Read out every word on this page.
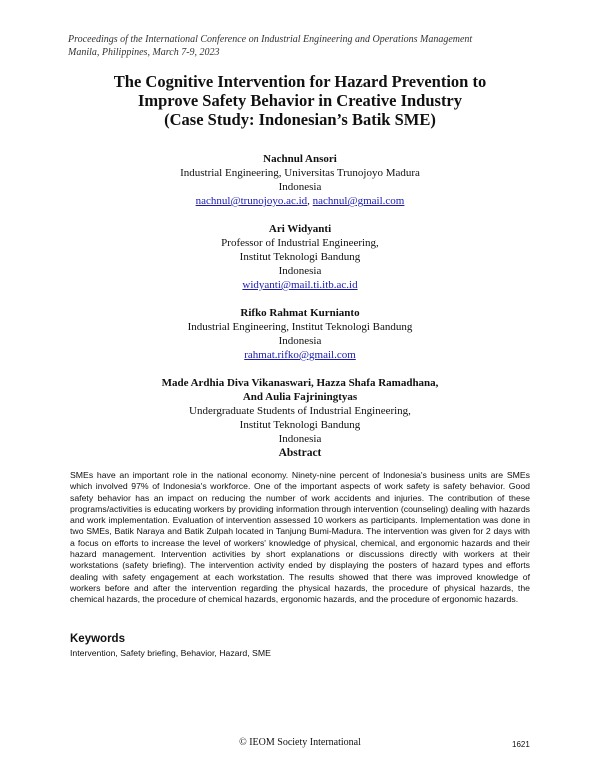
Proceedings of the International Conference on Industrial Engineering and Operations Management
Manila, Philippines, March 7-9, 2023
The Cognitive Intervention for Hazard Prevention to
Improve Safety Behavior in Creative Industry
(Case Study: Indonesian’s Batik SME)
Nachnul Ansori
Industrial Engineering, Universitas Trunojoyo Madura
Indonesia
nachnul@trunojoyo.ac.id, nachnul@gmail.com
Ari Widyanti
Professor of Industrial Engineering,
Institut Teknologi Bandung
Indonesia
widyanti@mail.ti.itb.ac.id
Rifko Rahmat Kurnianto
Industrial Engineering, Institut Teknologi Bandung
Indonesia
rahmat.rifko@gmail.com
Made Ardhia Diva Vikanaswari, Hazza Shafa Ramadhana,
And Aulia Fajriningtyas
Undergraduate Students of Industrial Engineering,
Institut Teknologi Bandung
Indonesia
Abstract

SMEs have an important role in the national economy. Ninety-nine percent of Indonesia's business units are SMEs which involved 97% of Indonesia's workforce. One of the important aspects of work safety is safety behavior. Good safety behavior has an impact on reducing the number of work accidents and injuries. The contribution of these programs/activities is educating workers by providing information through intervention (counseling) dealing with hazards and work implementation. Evaluation of intervention assessed 10 workers as participants. Implementation was done in two SMEs, Batik Naraya and Batik Zulpah located in Tanjung Bumi-Madura. The intervention was given for 2 days with a focus on efforts to increase the level of workers' knowledge of physical, chemical, and ergonomic hazards and their hazard management. Intervention activities by short explanations or discussions directly with workers at their workstations (safety briefing). The intervention activity ended by displaying the posters of hazard types and efforts dealing with safety engagement at each workstation. The results showed that there was improved knowledge of workers before and after the intervention regarding the physical hazards, the procedure of physical hazards, the chemical hazards, the procedure of chemical hazards, ergonomic hazards, and the procedure of ergonomic hazards.

Keywords
Intervention, Safety briefing, Behavior, Hazard, SME
© IEOM Society International	1621
